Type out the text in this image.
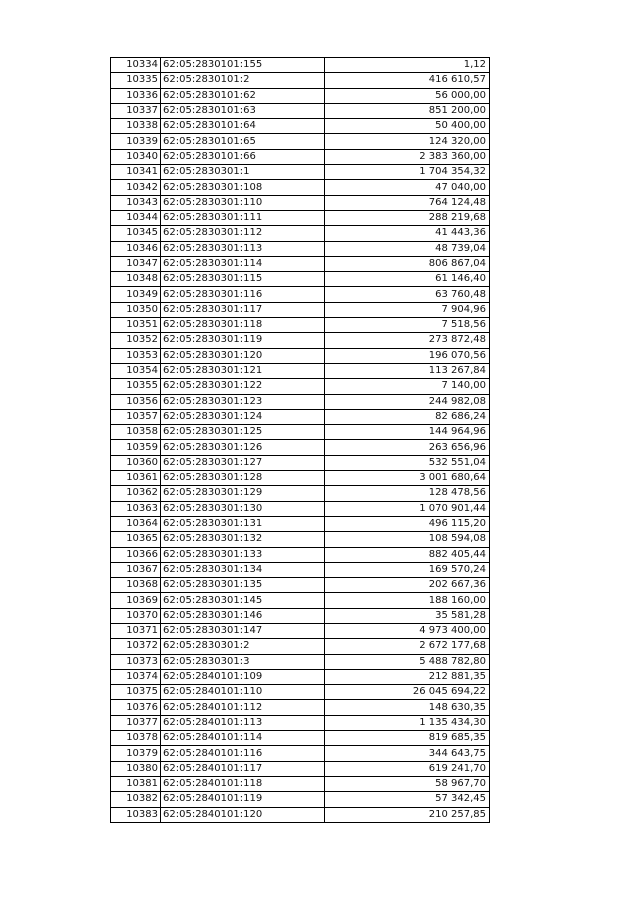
10334	62:05:2830101:155	1,12
10335	62:05:2830101:2	416 610,57
10336	62:05:2830101:62	56 000,00
10337	62:05:2830101:63	851 200,00
10338	62:05:2830101:64	50 400,00
10339	62:05:2830101:65	124 320,00
10340	62:05:2830101:66	2 383 360,00
10341	62:05:2830301:1	1 704 354,32
10342	62:05:2830301:108	47 040,00
10343	62:05:2830301:110	764 124,48
10344	62:05:2830301:111	288 219,68
10345	62:05:2830301:112	41 443,36
10346	62:05:2830301:113	48 739,04
10347	62:05:2830301:114	806 867,04
10348	62:05:2830301:115	61 146,40
10349	62:05:2830301:116	63 760,48
10350	62:05:2830301:117	7 904,96
10351	62:05:2830301:118	7 518,56
10352	62:05:2830301:119	273 872,48
10353	62:05:2830301:120	196 070,56
10354	62:05:2830301:121	113 267,84
10355	62:05:2830301:122	7 140,00
10356	62:05:2830301:123	244 982,08
10357	62:05:2830301:124	82 686,24
10358	62:05:2830301:125	144 964,96
10359	62:05:2830301:126	263 656,96
10360	62:05:2830301:127	532 551,04
10361	62:05:2830301:128	3 001 680,64
10362	62:05:2830301:129	128 478,56
10363	62:05:2830301:130	1 070 901,44
10364	62:05:2830301:131	496 115,20
10365	62:05:2830301:132	108 594,08
10366	62:05:2830301:133	882 405,44
10367	62:05:2830301:134	169 570,24
10368	62:05:2830301:135	202 667,36
10369	62:05:2830301:145	188 160,00
10370	62:05:2830301:146	35 581,28
10371	62:05:2830301:147	4 973 400,00
10372	62:05:2830301:2	2 672 177,68
10373	62:05:2830301:3	5 488 782,80
10374	62:05:2840101:109	212 881,35
10375	62:05:2840101:110	26 045 694,22
10376	62:05:2840101:112	148 630,35
10377	62:05:2840101:113	1 135 434,30
10378	62:05:2840101:114	819 685,35
10379	62:05:2840101:116	344 643,75
10380	62:05:2840101:117	619 241,70
10381	62:05:2840101:118	58 967,70
10382	62:05:2840101:119	57 342,45
10383	62:05:2840101:120	210 257,85
